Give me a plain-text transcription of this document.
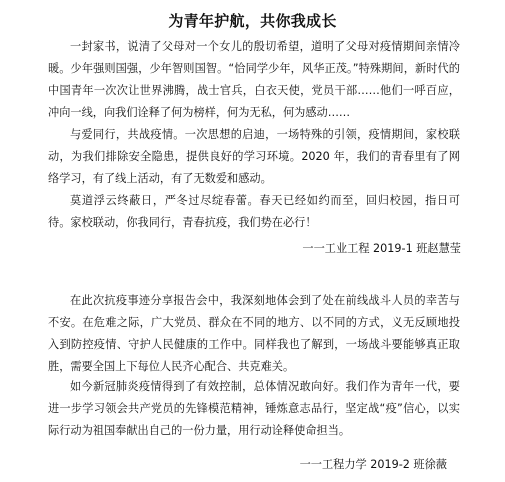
为青年护航，共你我成长

一封家书，说清了父母对一个女儿的殷切希望，道明了父母对疫情期间亲情冷暖。少年强则国强，少年智则国智。“恰同学少年，风华正茂。”特殊期间，新时代的中国青年一次次让世界沸腾，战士官兵，白衣天使，党员干部……他们一呼百应，冲向一线，向我们诠释了何为榜样，何为无私，何为感动……

与爱同行，共战疫情。一次思想的启迪，一场特殊的引领，疫情期间，家校联动，为我们排除安全隐患，提供良好的学习环境。2020 年，我们的青春里有了网络学习，有了线上活动，有了无数爱和感动。

莫道浮云终蔽日，严冬过尽绽春蕾。春天已经如约而至，回归校园，指日可待。家校联动，你我同行，青春抗疫，我们势在必行！

一一工业工程 2019-1 班赵慧莹

在此次抗疫事迹分享报告会中，我深刻地体会到了处在前线战斗人员的幸苦与不安。在危难之际，广大党员、群众在不同的地方、以不同的方式，义无反顾地投入到防控疫情、守护人民健康的工作中。同样我也了解到，一场战斗要能够真正取胜，需要全国上下每位人民齐心配合、共克难关。

如今新冠肺炎疫情得到了有效控制，总体情况敢向好。我们作为青年一代，要进一步学习领会共产党员的先锋模范精神，锤炼意志品行，坚定战“疫”信心，以实际行动为祖国奉献出自己的一份力量，用行动诠释使命担当。

一一工程力学 2019-2 班徐薇
